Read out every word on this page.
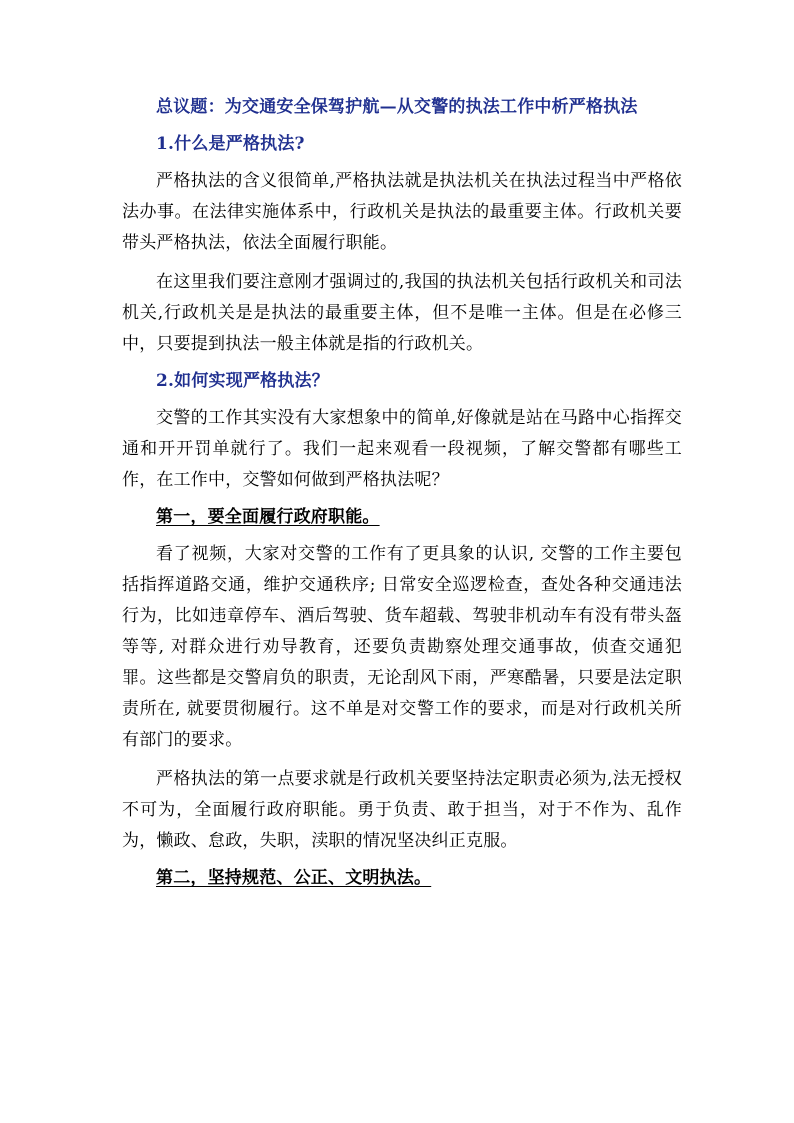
总议题：为交通安全保驾护航—从交警的执法工作中析严格执法

1.什么是严格执法?

严格执法的含义很简单,严格执法就是执法机关在执法过程当中严格依法办事。在法律实施体系中，行政机关是执法的最重要主体。行政机关要带头严格执法，依法全面履行职能。

在这里我们要注意刚才强调过的,我国的执法机关包括行政机关和司法机关,行政机关是是执法的最重要主体，但不是唯一主体。但是在必修三中，只要提到执法一般主体就是指的行政机关。

2.如何实现严格执法？

交警的工作其实没有大家想象中的简单,好像就是站在马路中心指挥交通和开开罚单就行了。我们一起来观看一段视频，了解交警都有哪些工作，在工作中，交警如何做到严格执法呢？

第一，要全面履行政府职能。

看了视频，大家对交警的工作有了更具象的认识, 交警的工作主要包括指挥道路交通，维护交通秩序; 日常安全巡逻检查，查处各种交通违法行为，比如违章停车、酒后驾驶、货车超载、驾驶非机动车有没有带头盔等等, 对群众进行劝导教育，还要负责勘察处理交通事故，侦查交通犯罪。这些都是交警肩负的职责，无论刮风下雨，严寒酷暑，只要是法定职责所在, 就要贯彻履行。这不单是对交警工作的要求，而是对行政机关所有部门的要求。

严格执法的第一点要求就是行政机关要坚持法定职责必须为,法无授权不可为，全面履行政府职能。勇于负责、敢于担当，对于不作为、乱作为，懒政、怠政，失职，渎职的情况坚决纠正克服。

第二，坚持规范、公正、文明执法。
